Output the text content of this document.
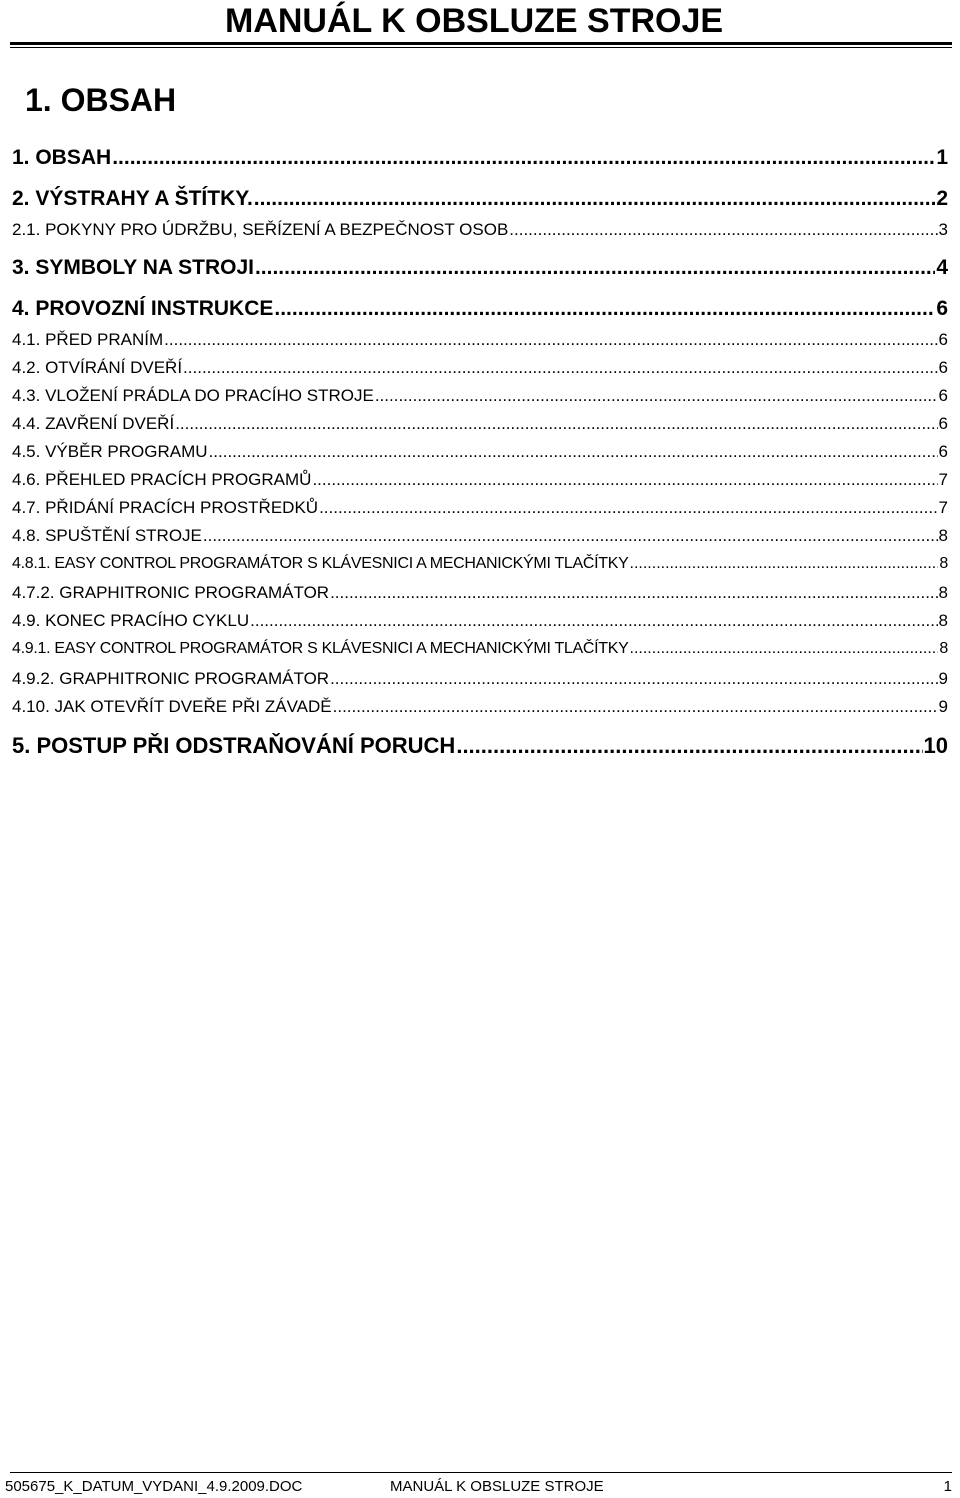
MANUÁL K OBSLUZE STROJE
1. OBSAH
1. OBSAH .....	1
2. VÝSTRAHY A ŠTÍTKY. .....	2
2.1. POKYNY PRO ÚDRŽBU, SEŘÍZENÍ A BEZPEČNOST OSOB .....	3
3. SYMBOLY NA STROJI .....	4
4. PROVOZNÍ INSTRUKCE .....	6
4.1. PŘED PRANÍM .....	6
4.2. OTVÍRÁNÍ DVEŘÍ .....	6
4.3. VLOŽENÍ PRÁDLA DO PRACÍHO STROJE .....	6
4.4. ZAVŘENÍ DVEŘÍ .....	6
4.5. VÝBĚR PROGRAMU .....	6
4.6. PŘEHLED PRACÍCH PROGRAMŮ .....	7
4.7. PŘIDÁNÍ PRACÍCH PROSTŘEDKŮ .....	7
4.8. SPUŠTĚNÍ STROJE .....	8
4.8.1. EASY CONTROL PROGRAMÁTOR S KLÁVESNICI A MECHANICKÝMI TLAČÍTKY .....	8
4.7.2. GRAPHITRONIC PROGRAMÁTOR .....	8
4.9. KONEC PRACÍHO CYKLU .....	8
4.9.1. EASY CONTROL PROGRAMÁTOR S KLÁVESNICI A MECHANICKÝMI TLAČÍTKY .....	8
4.9.2. GRAPHITRONIC PROGRAMÁTOR .....	9
4.10. JAK OTEVŘÍT DVEŘE PŘI ZÁVADĚ .....	9
5. POSTUP PŘI ODSTRAŇOVÁNÍ PORUCH .....	10
505675_K_DATUM_VYDANI_4.9.2009.DOC	MANUÁL K OBSLUZE STROJE	1
